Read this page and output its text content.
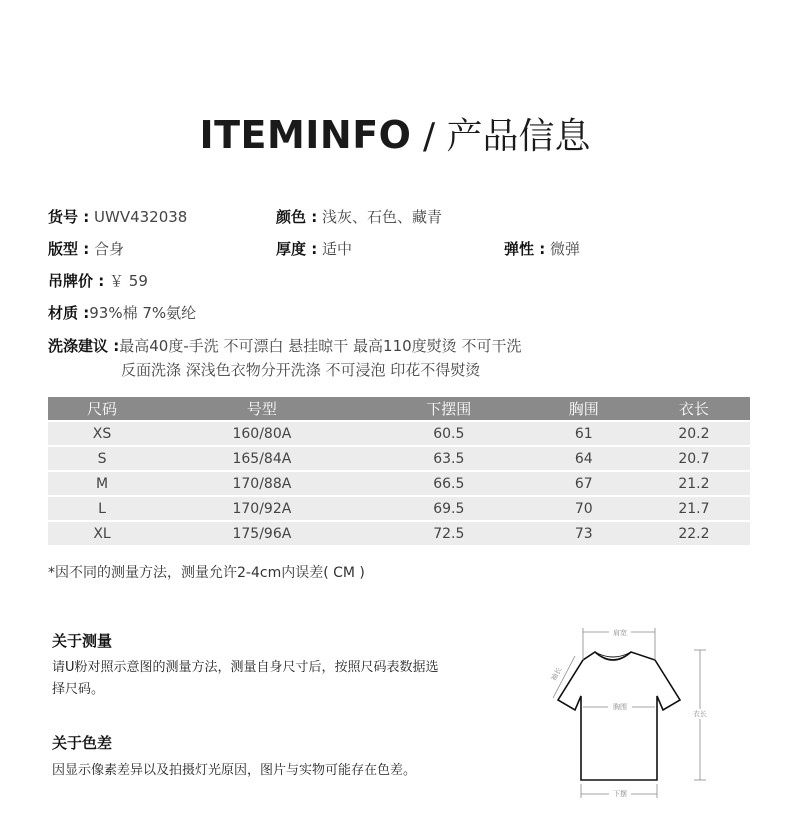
ITEMINFO / 产品信息
货号 : UWV432038	颜色 : 浅灰、石色、藏青
版型 : 合身	厚度 : 适中	弹性 : 微弹
吊牌价 : ￥ 59
材质 :93%棉 7%氨纶
洗涤建议 :最高40度-手洗 不可漂白 悬挂晾干 最高110度熨烫 不可干洗
反面洗涤 深浅色衣物分开洗涤 不可浸泡 印花不得熨烫
尺码	号型	下摆围	胸围	衣长
XS	160/80A	60.5	61	20.2
S	165/84A	63.5	64	20.7
M	170/88A	66.5	67	21.2
L	170/92A	69.5	70	21.7
XL	175/96A	72.5	73	22.2
*因不同的测量方法，测量允许2-4cm内误差( CM )
关于测量
请U粉对照示意图的测量方法，测量自身尺寸后，按照尺码表数据选
择尺码。
关于色差
因显示像素差异以及拍摄灯光原因，图片与实物可能存在色差。
肩宽
袖长
胸围
衣长
下摆
